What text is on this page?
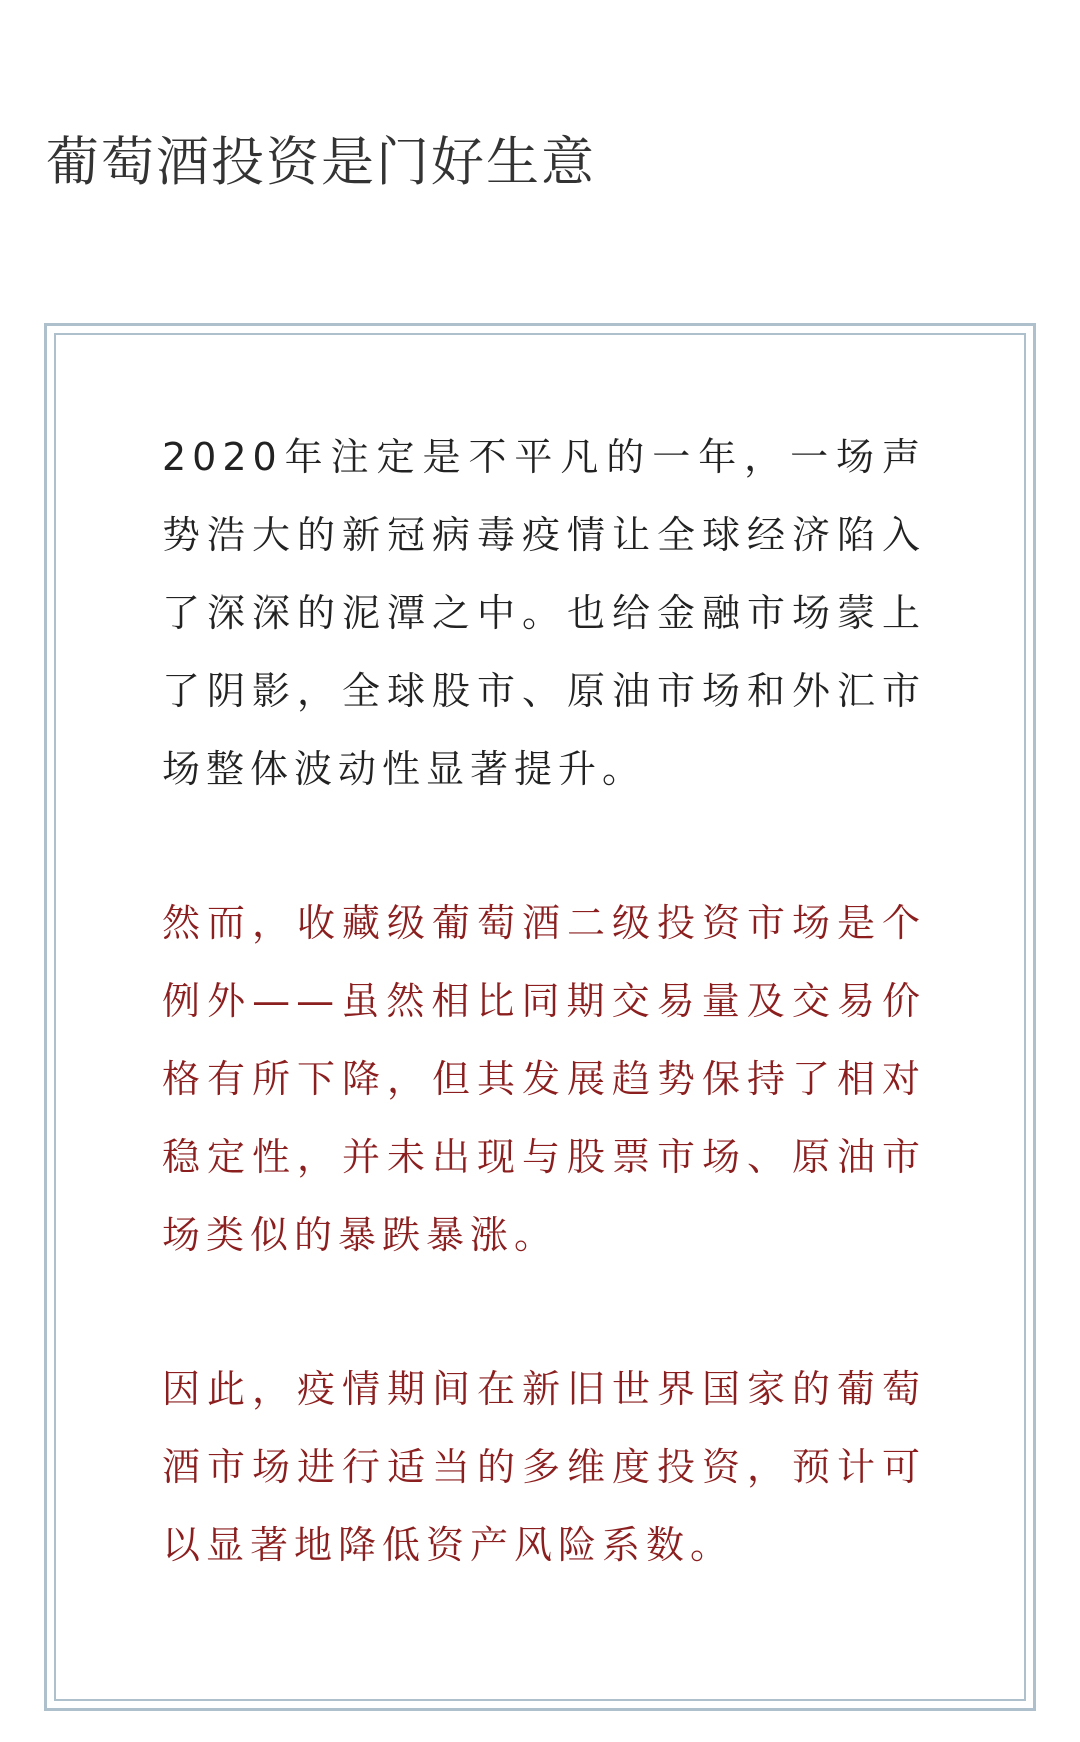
葡萄酒投资是门好生意

2020年注定是不平凡的一年，一场声势浩大的新冠病毒疫情让全球经济陷入了深深的泥潭之中。也给金融市场蒙上了阴影，全球股市、原油市场和外汇市场整体波动性显著提升。

然而，收藏级葡萄酒二级投资市场是个例外——虽然相比同期交易量及交易价格有所下降，但其发展趋势保持了相对稳定性，并未出现与股票市场、原油市场类似的暴跌暴涨。

因此，疫情期间在新旧世界国家的葡萄酒市场进行适当的多维度投资，预计可以显著地降低资产风险系数。
